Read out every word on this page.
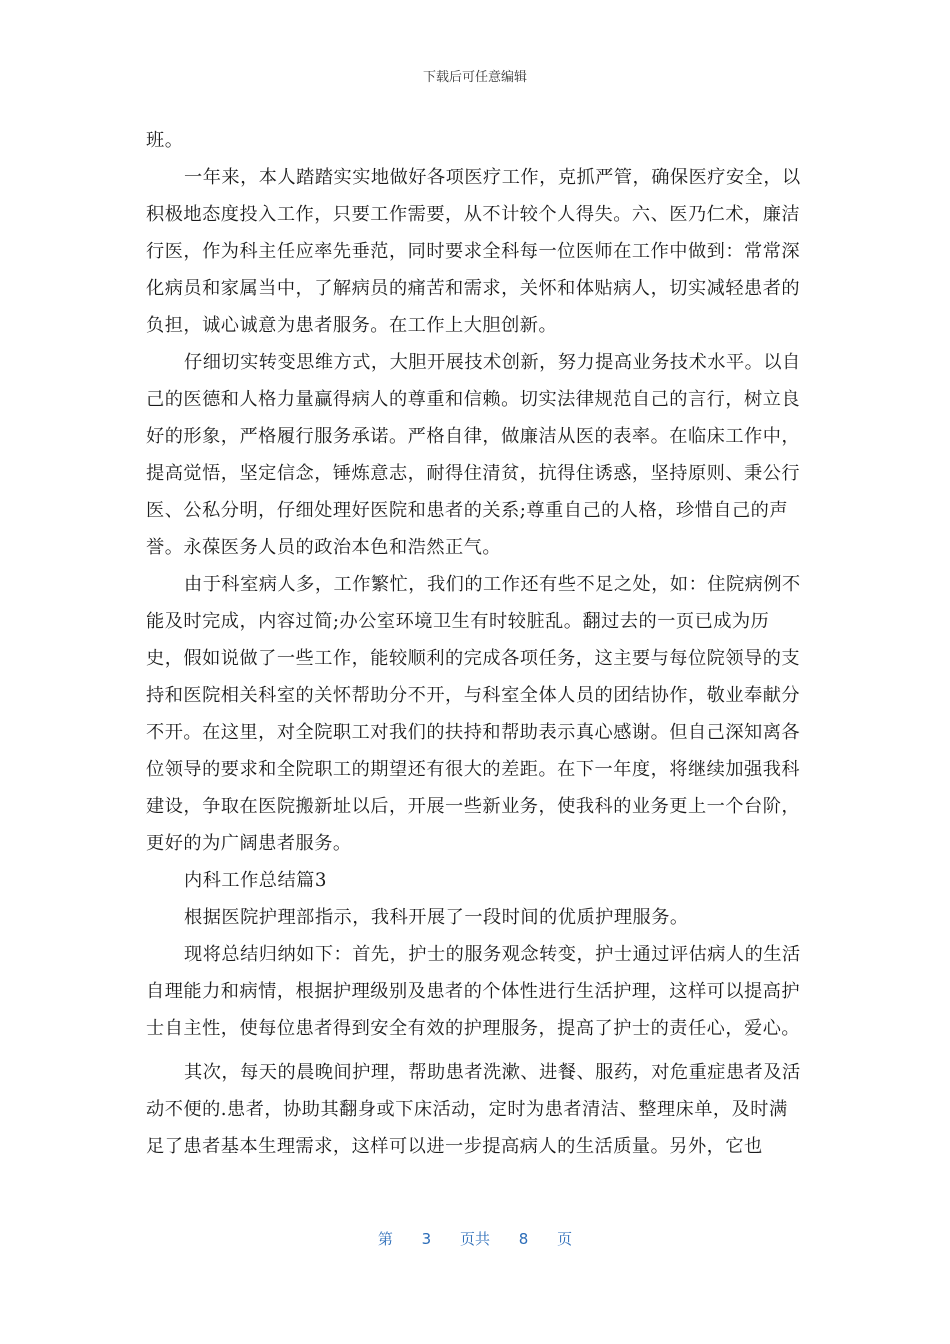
下载后可任意编辑

班。

一年来，本人踏踏实实地做好各项医疗工作，克抓严管，确保医疗安全，以积极地态度投入工作，只要工作需要，从不计较个人得失。六、医乃仁术，廉洁行医，作为科主任应率先垂范，同时要求全科每一位医师在工作中做到：常常深化病员和家属当中，了解病员的痛苦和需求，关怀和体贴病人，切实减轻患者的负担，诚心诚意为患者服务。在工作上大胆创新。

仔细切实转变思维方式，大胆开展技术创新，努力提高业务技术水平。以自己的医德和人格力量赢得病人的尊重和信赖。切实法律规范自己的言行，树立良好的形象，严格履行服务承诺。严格自律，做廉洁从医的表率。在临床工作中，提高觉悟，坚定信念，锤炼意志，耐得住清贫，抗得住诱惑，坚持原则、秉公行医、公私分明，仔细处理好医院和患者的关系;尊重自己的人格，珍惜自己的声誉。永葆医务人员的政治本色和浩然正气。

由于科室病人多，工作繁忙，我们的工作还有些不足之处，如：住院病例不能及时完成，内容过简;办公室环境卫生有时较脏乱。翻过去的一页已成为历史，假如说做了一些工作，能较顺利的完成各项任务，这主要与每位院领导的支持和医院相关科室的关怀帮助分不开，与科室全体人员的团结协作，敬业奉献分不开。在这里，对全院职工对我们的扶持和帮助表示真心感谢。但自己深知离各位领导的要求和全院职工的期望还有很大的差距。在下一年度，将继续加强我科建设，争取在医院搬新址以后，开展一些新业务，使我科的业务更上一个台阶，更好的为广阔患者服务。

内科工作总结篇3

根据医院护理部指示，我科开展了一段时间的优质护理服务。

现将总结归纳如下：首先，护士的服务观念转变，护士通过评估病人的生活自理能力和病情，根据护理级别及患者的个体性进行生活护理，这样可以提高护士自主性，使每位患者得到安全有效的护理服务，提高了护士的责任心，爱心。

其次，每天的晨晚间护理，帮助患者洗漱、进餐、服药，对危重症患者及活动不便的.患者，协助其翻身或下床活动，定时为患者清洁、整理床单，及时满足了患者基本生理需求，这样可以进一步提高病人的生活质量。另外，它也

第 3 页共 8 页
